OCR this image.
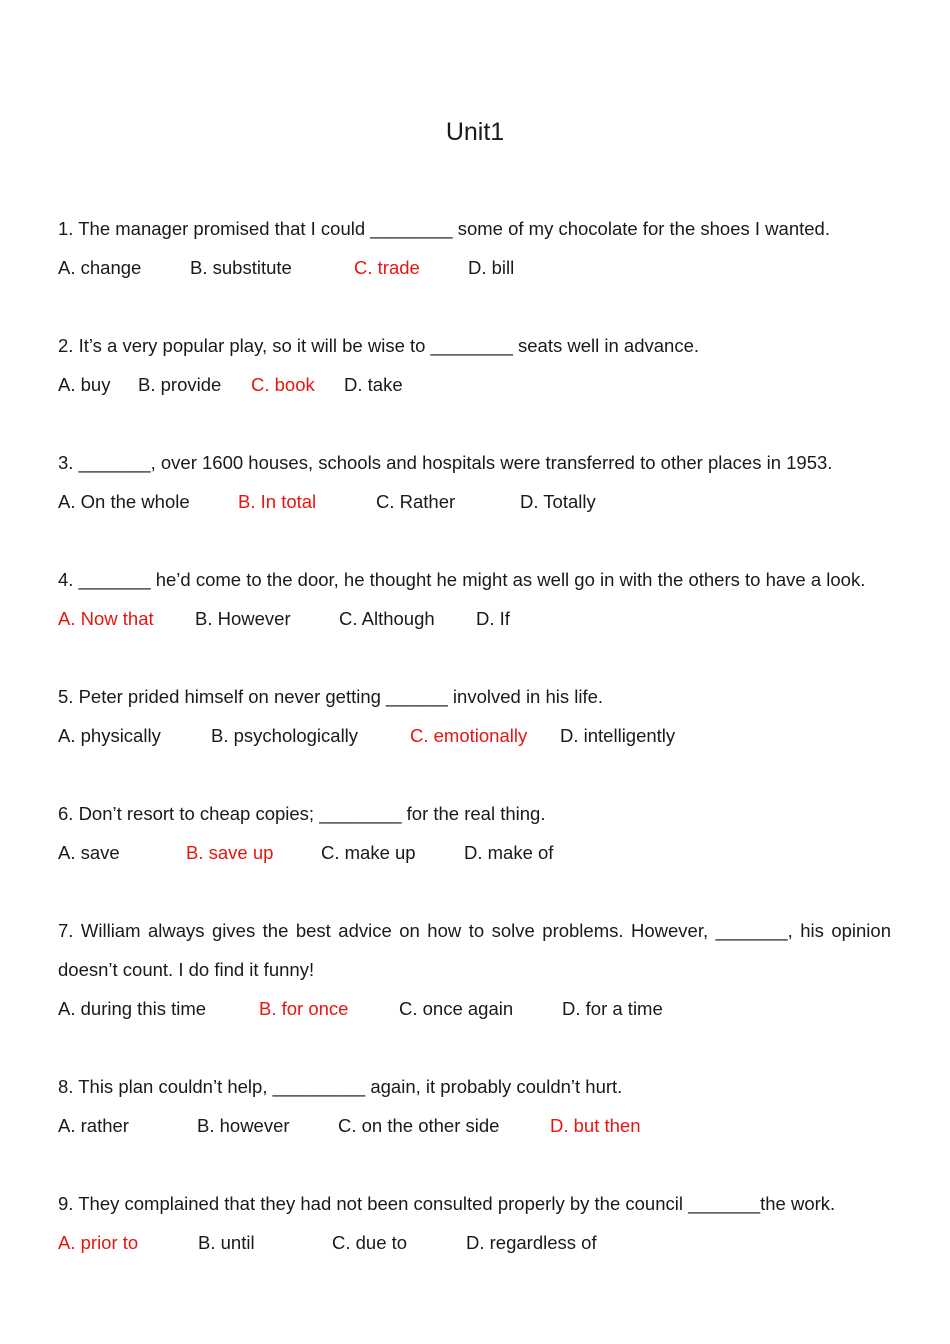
Unit1
1. The manager promised that I could ________ some of my chocolate for the shoes I wanted.
A. change	B. substitute	C. trade	D. bill
2. It’s a very popular play, so it will be wise to ________ seats well in advance.
A. buy B. provide C. book D. take
3. _______, over 1600 houses, schools and hospitals were transferred to other places in 1953.
A. On the whole	B. In total	C. Rather	D. Totally
4. _______ he’d come to the door, he thought he might as well go in with the others to have a look.
A. Now that B. However	C. Although D. If
5. Peter prided himself on never getting ______ involved in his life.
A. physically	B. psychologically	C. emotionally D. intelligently
6. Don’t resort to cheap copies; ________ for the real thing.
A. save	B. save up	C. make up	D. make of
7. William always gives the best advice on how to solve problems. However, _______, his opinion doesn’t count. I do find it funny!
A. during this time	B. for once	C. once again	D. for a time
8. This plan couldn’t help, _________ again, it probably couldn’t hurt.
A. rather	B. however	C. on the other side	D. but then
9. They complained that they had not been consulted properly by the council _______the work.
A. prior to	B. until	C. due to	D. regardless of
